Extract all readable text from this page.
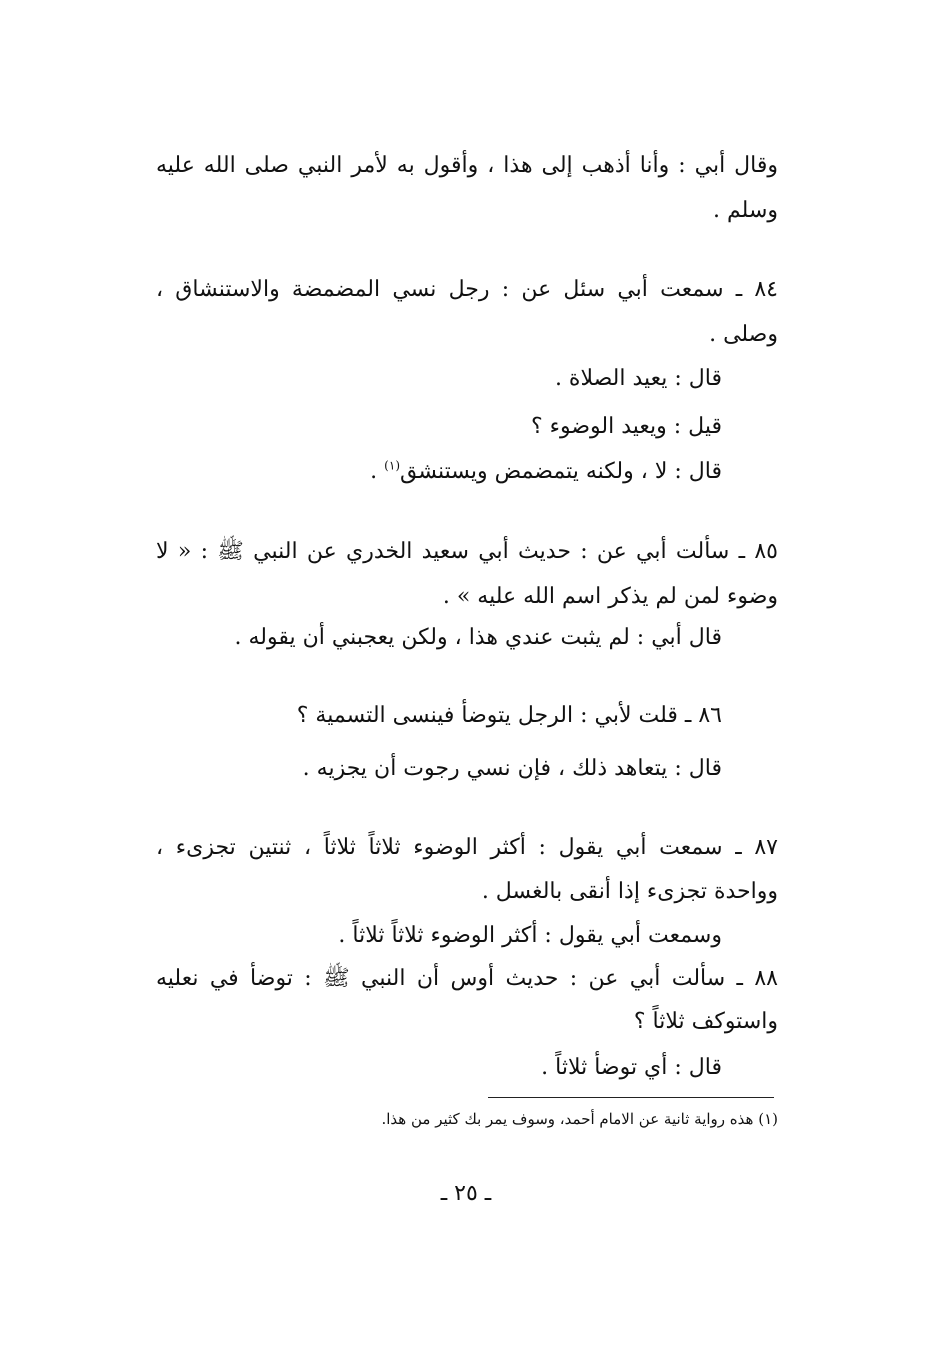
وقال أبي : وأنا أذهب إلى هذا ، وأقول به لأمر النبي صلى الله عليه
وسلم .
٨٤ ـ سمعت أبي سئل عن : رجل نسي المضمضة والاستنشاق ،
وصلى .
قال : يعيد الصلاة .
قيل : ويعيد الوضوء ؟
قال : لا ، ولكنه يتمضمض ويستنشق$^{(١)}$ .
٨٥ ـ سألت أبي عن : حديث أبي سعيد الخدري عن النبي ﷺ : « لا
وضوء لمن لم يذكر اسم الله عليه » .
قال أبي : لم يثبت عندي هذا ، ولكن يعجبني أن يقوله .
٨٦ ـ قلت لأبي : الرجل يتوضأ فينسى التسمية ؟
قال : يتعاهد ذلك ، فإن نسي رجوت أن يجزيه .
٨٧ ـ سمعت أبي يقول : أكثر الوضوء ثلاثاً ثلاثاً ، ثنتين تجزىء ،
وواحدة تجزىء إذا أنقى بالغسل .
وسمعت أبي يقول : أكثر الوضوء ثلاثاً ثلاثاً .
٨٨ ـ سألت أبي عن : حديث أوس أن النبي ﷺ : توضأ في نعليه
واستوكف ثلاثاً ؟
قال : أي توضأ ثلاثاً .
(١) هذه رواية ثانية عن الامام أحمد، وسوف يمر بك كثير من هذا.
ـ ٢٥ ـ
